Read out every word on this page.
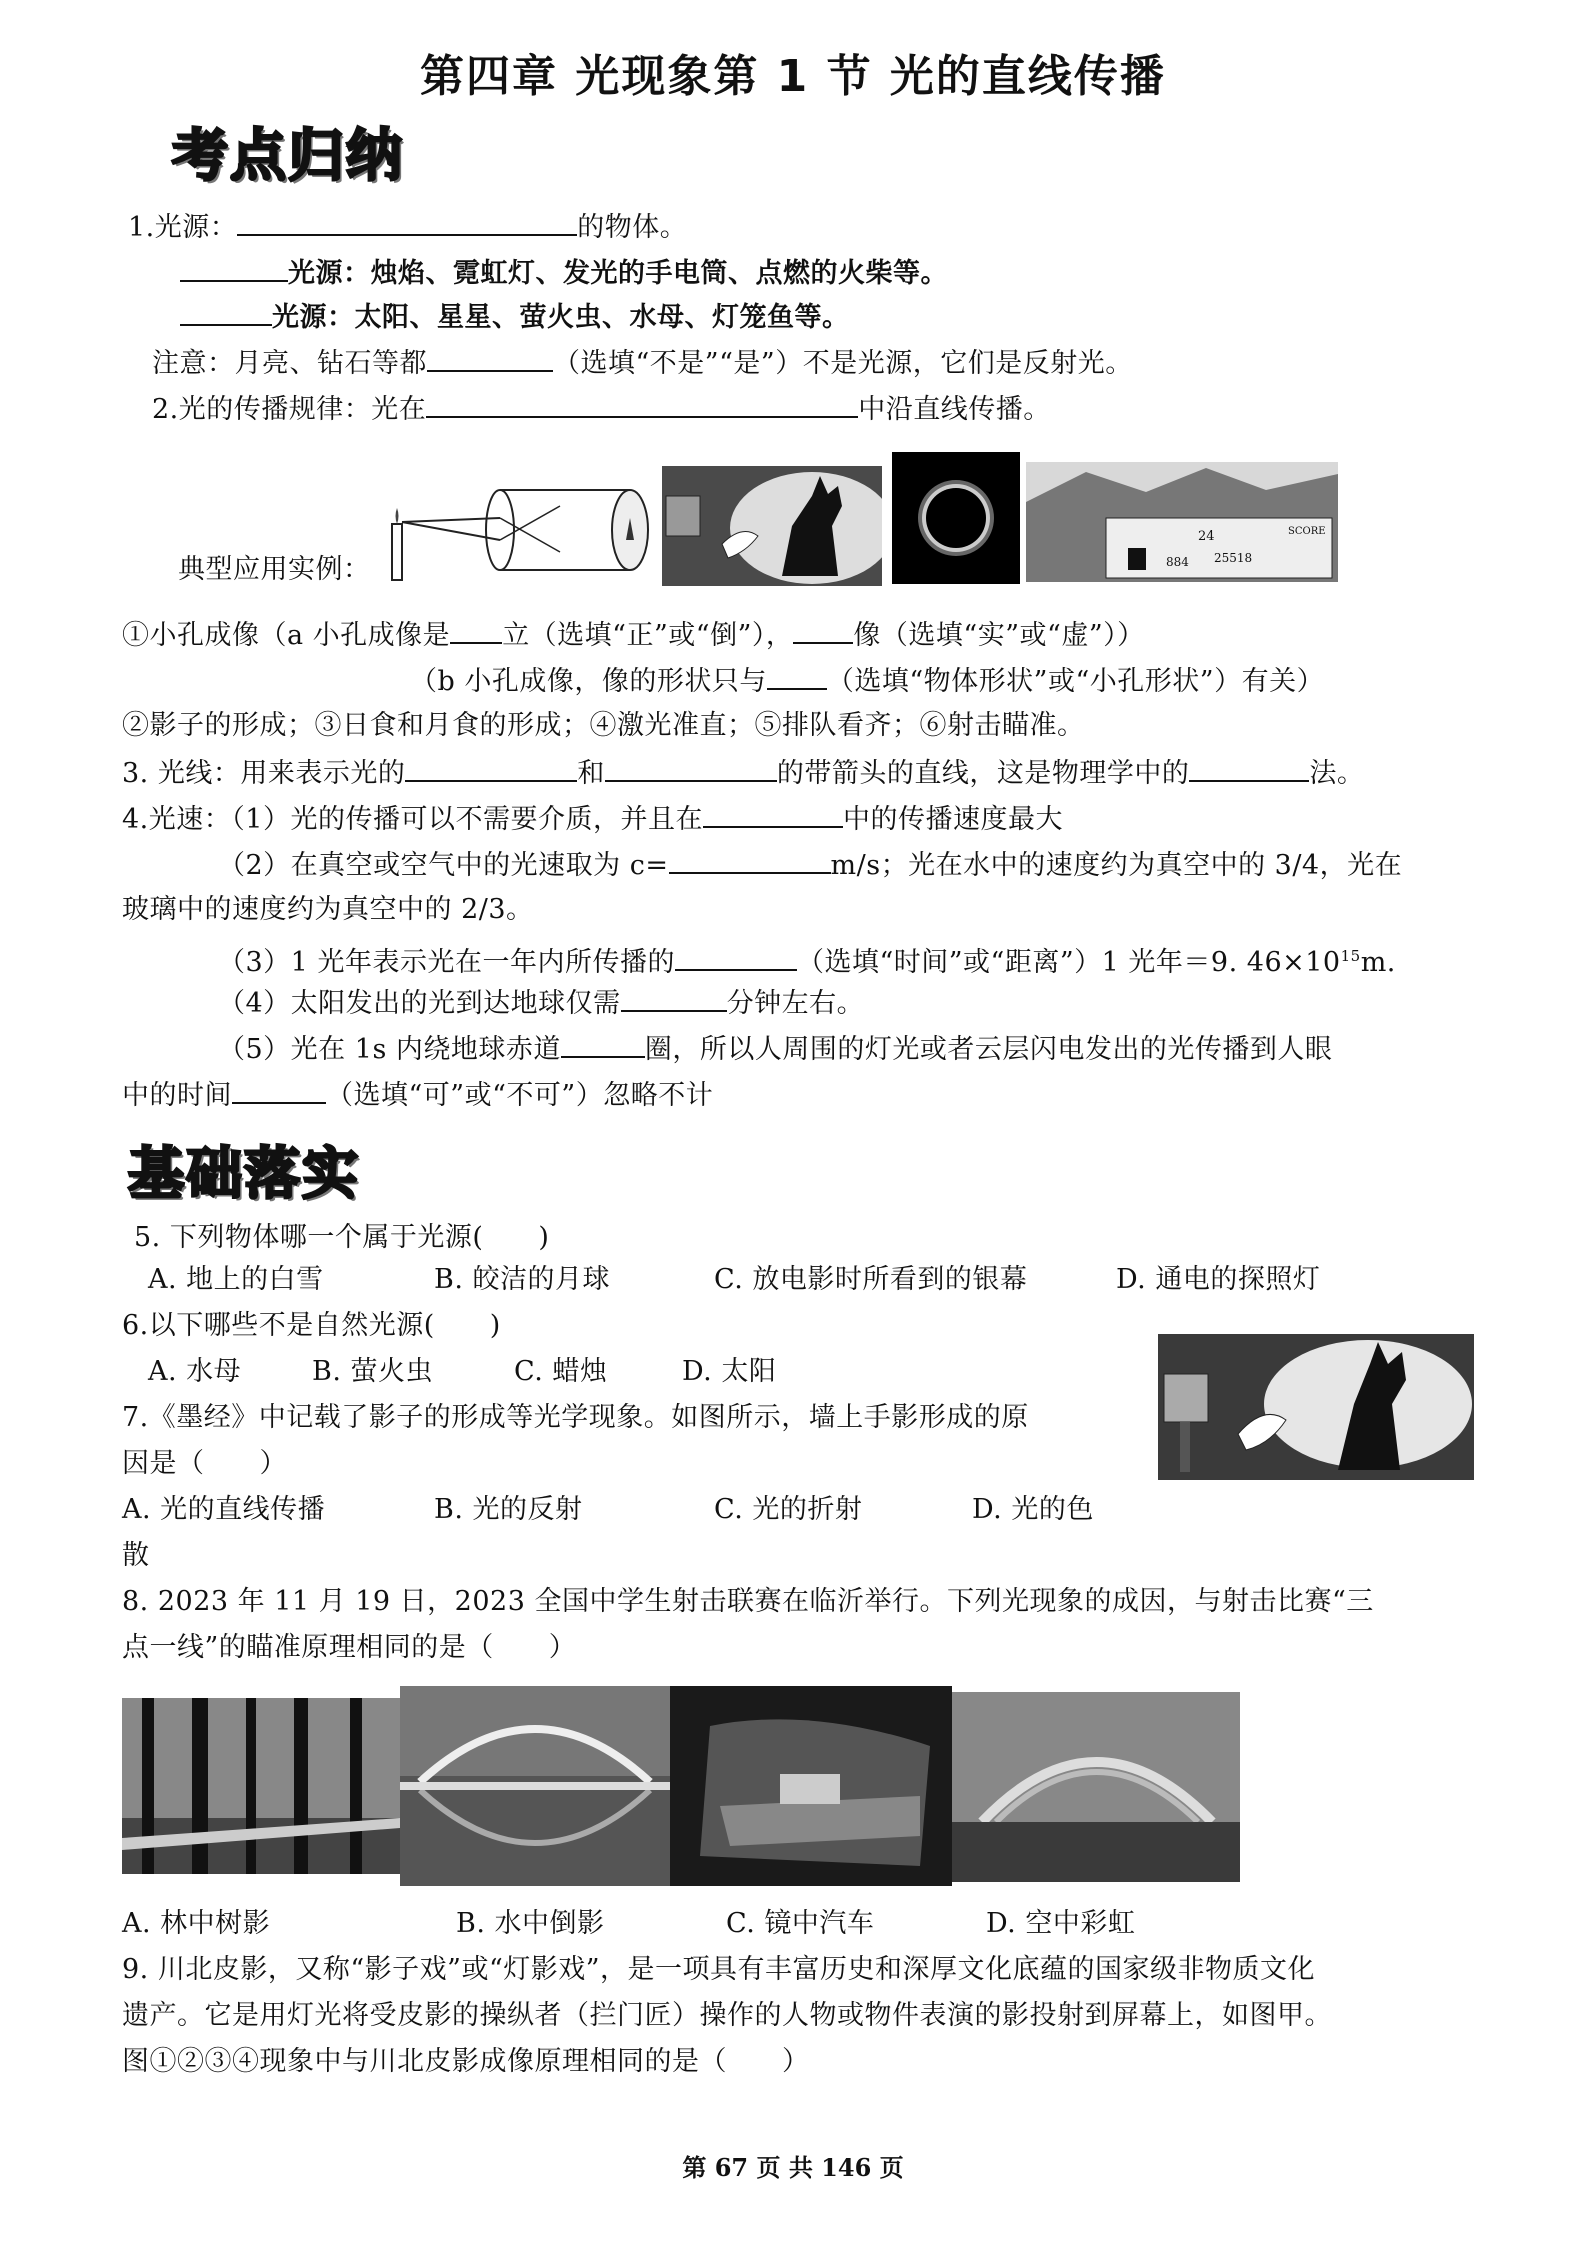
第四章 光现象第 1 节 光的直线传播
考点归纳
基础落实
1.光源：	的物体。
光源：烛焰、霓虹灯、发光的手电筒、点燃的火柴等。
光源：太阳、星星、萤火虫、水母、灯笼鱼等。
注意：月亮、钻石等都	（选填“不是”“是”）不是光源，它们是反射光。
2.光的传播规律：光在	中沿直线传播。
典型应用实例：
24
884 25518
SCORE
①小孔成像（a 小孔成像是 立（选填“正”或“倒”）， 像（选填“实”或“虚”））
（b 小孔成像，像的形状只与 （选填“物体形状”或“小孔形状”）有关）
②影子的形成；③日食和月食的形成；④激光准直；⑤排队看齐；⑥射击瞄准。
3. 光线：用来表示光的	和	的带箭头的直线，这是物理学中的	法。
4.光速：（1）光的传播可以不需要介质，并且在	中的传播速度最大
（2）在真空或空气中的光速取为 c=	m/s；光在水中的速度约为真空中的 3/4，光在
玻璃中的速度约为真空中的 2/3。
（3）1 光年表示光在一年内所传播的	（选填“时间”或“距离”）1 光年＝9. $46\times 10^{15}m$.
（4）太阳发出的光到达地球仅需	分钟左右。
（5）光在 1s 内绕地球赤道	圈，所以人周围的灯光或者云层闪电发出的光传播到人眼
中的时间	（选填“可”或“不可”）忽略不计
5. 下列物体哪一个属于光源(　　)
A. 地上的白雪	B. 皎洁的月球	C. 放电影时所看到的银幕	D. 通电的探照灯
6.以下哪些不是自然光源(　　)
A. 水母	B. 萤火虫	C. 蜡烛	D. 太阳
7.《墨经》中记载了影子的形成等光学现象。如图所示，墙上手影形成的原
因是（　　）
A. 光的直线传播	B. 光的反射	C. 光的折射	D. 光的色
散
8. 2023 年 11 月 19 日，2023 全国中学生射击联赛在临沂举行。下列光现象的成因，与射击比赛“三
点一线”的瞄准原理相同的是（　　）
A. 林中树影	B. 水中倒影	C. 镜中汽车	D. 空中彩虹
9. 川北皮影，又称“影子戏”或“灯影戏”，是一项具有丰富历史和深厚文化底蕴的国家级非物质文化
遗产。它是用灯光将受皮影的操纵者（拦门匠）操作的人物或物件表演的影投射到屏幕上，如图甲。
图①②③④现象中与川北皮影成像原理相同的是（　　）
第 67 页 共 146 页
